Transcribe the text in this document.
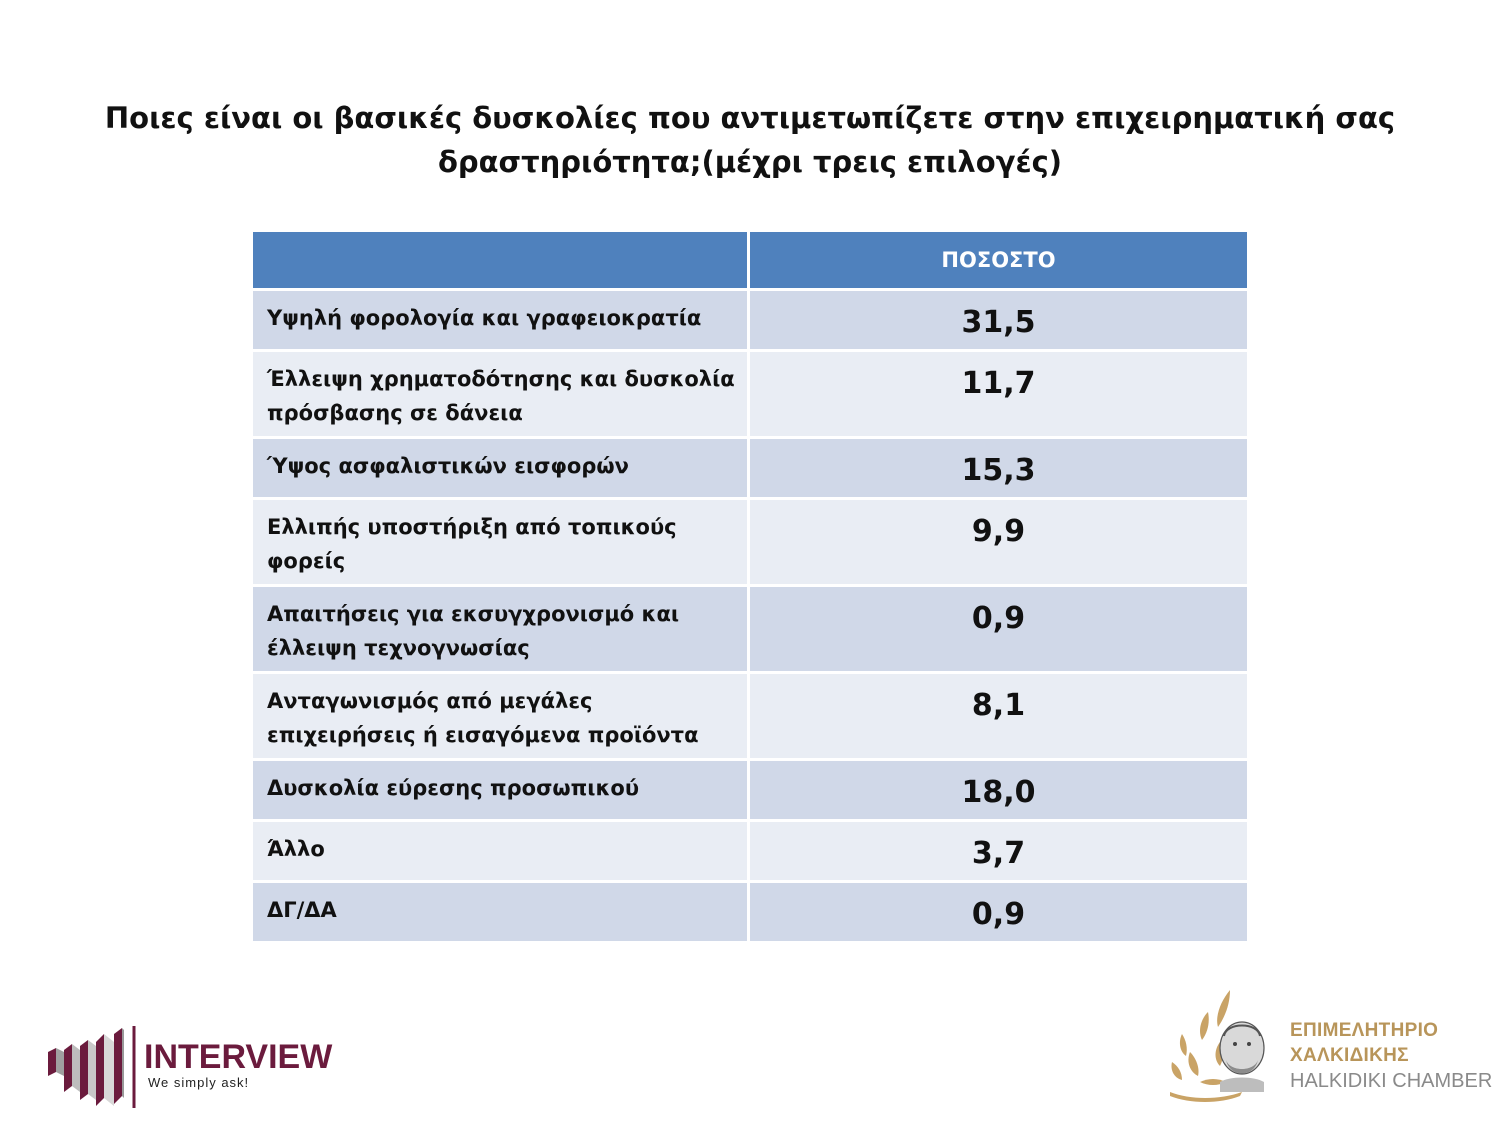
Ποιες είναι οι βασικές δυσκολίες που αντιμετωπίζετε στην επιχειρηματική σας
δραστηριότητα;(μέχρι τρεις επιλογές)
	ΠΟΣΟΣΤΟ
Υψηλή φορολογία και γραφειοκρατία	31,5
Έλλειψη χρηματοδότησης και δυσκολία πρόσβασης σε δάνεια	11,7
Ύψος ασφαλιστικών εισφορών	15,3
Ελλιπής υποστήριξη από τοπικούς φορείς	9,9
Απαιτήσεις για εκσυγχρονισμό και έλλειψη τεχνογνωσίας	0,9
Ανταγωνισμός από μεγάλες επιχειρήσεις ή εισαγόμενα προϊόντα	8,1
Δυσκολία εύρεσης προσωπικού	18,0
Άλλο	3,7
ΔΓ/ΔΑ	0,9
INTERVIEW
We simply ask!
ΕΠΙΜΕΛΗΤΗΡΙΟ
ΧΑΛΚΙΔΙΚΗΣ
HALKIDIKI CHAMBER
